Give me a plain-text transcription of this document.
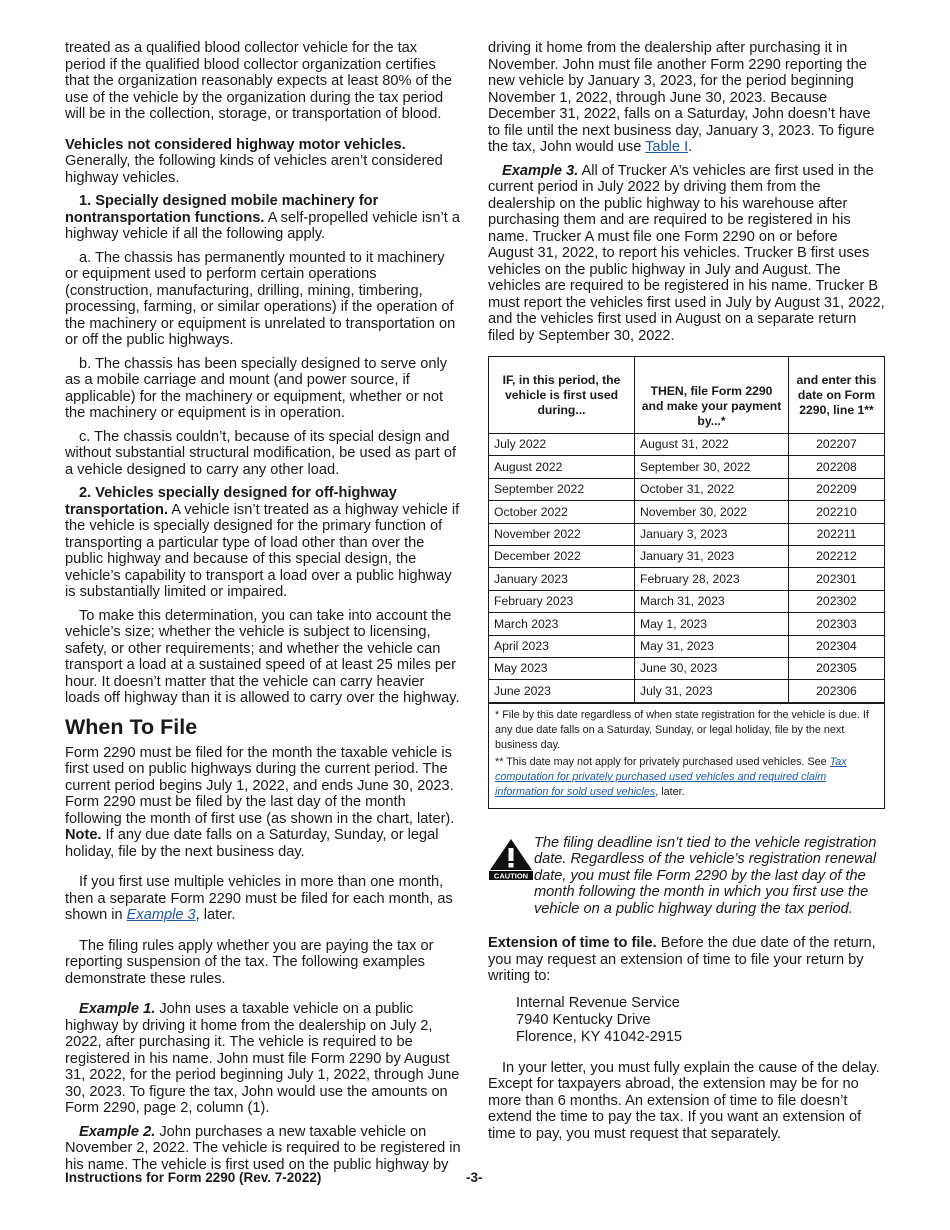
treated as a qualified blood collector vehicle for the tax period if the qualified blood collector organization certifies that the organization reasonably expects at least 80% of the use of the vehicle by the organization during the tax period will be in the collection, storage, or transportation of blood.

Vehicles not considered highway motor vehicles. Generally, the following kinds of vehicles aren’t considered highway vehicles.

1. Specially designed mobile machinery for nontransportation functions. A self-propelled vehicle isn’t a highway vehicle if all the following apply.

a. The chassis has permanently mounted to it machinery or equipment used to perform certain operations (construction, manufacturing, drilling, mining, timbering, processing, farming, or similar operations) if the operation of the machinery or equipment is unrelated to transportation on or off the public highways.

b. The chassis has been specially designed to serve only as a mobile carriage and mount (and power source, if applicable) for the machinery or equipment, whether or not the machinery or equipment is in operation.

c. The chassis couldn’t, because of its special design and without substantial structural modification, be used as part of a vehicle designed to carry any other load.

2. Vehicles specially designed for off-highway transportation. A vehicle isn’t treated as a highway vehicle if the vehicle is specially designed for the primary function of transporting a particular type of load other than over the public highway and because of this special design, the vehicle’s capability to transport a load over a public highway is substantially limited or impaired.

To make this determination, you can take into account the vehicle’s size; whether the vehicle is subject to licensing, safety, or other requirements; and whether the vehicle can transport a load at a sustained speed of at least 25 miles per hour. It doesn’t matter that the vehicle can carry heavier loads off highway than it is allowed to carry over the highway.

When To File

Form 2290 must be filed for the month the taxable vehicle is first used on public highways during the current period. The current period begins July 1, 2022, and ends June 30, 2023. Form 2290 must be filed by the last day of the month following the month of first use (as shown in the chart, later). Note. If any due date falls on a Saturday, Sunday, or legal holiday, file by the next business day.

If you first use multiple vehicles in more than one month, then a separate Form 2290 must be filed for each month, as shown in Example 3, later.

The filing rules apply whether you are paying the tax or reporting suspension of the tax. The following examples demonstrate these rules.

Example 1. John uses a taxable vehicle on a public highway by driving it home from the dealership on July 2, 2022, after purchasing it. The vehicle is required to be registered in his name. John must file Form 2290 by August 31, 2022, for the period beginning July 1, 2022, through June 30, 2023. To figure the tax, John would use the amounts on Form 2290, page 2, column (1).

Example 2. John purchases a new taxable vehicle on November 2, 2022. The vehicle is required to be registered in his name. The vehicle is first used on the public highway by

driving it home from the dealership after purchasing it in November. John must file another Form 2290 reporting the new vehicle by January 3, 2023, for the period beginning November 1, 2022, through June 30, 2023. Because December 31, 2022, falls on a Saturday, John doesn’t have to file until the next business day, January 3, 2023. To figure the tax, John would use Table I.

Example 3. All of Trucker A’s vehicles are first used in the current period in July 2022 by driving them from the dealership on the public highway to his warehouse after purchasing them and are required to be registered in his name. Trucker A must file one Form 2290 on or before August 31, 2022, to report his vehicles. Trucker B first uses vehicles on the public highway in July and August. The vehicles are required to be registered in his name. Trucker B must report the vehicles first used in July by August 31, 2022, and the vehicles first used in August on a separate return filed by September 30, 2022.

IF, in this period, the vehicle is first used during...	THEN, file Form 2290 and make your payment by...*	and enter this date on Form 2290, line 1**
July 2022	August 31, 2022	202207
August 2022	September 30, 2022	202208
September 2022	October 31, 2022	202209
October 2022	November 30, 2022	202210
November 2022	January 3, 2023	202211
December 2022	January 31, 2023	202212
January 2023	February 28, 2023	202301
February 2023	March 31, 2023	202302
March 2023	May 1, 2023	202303
April 2023	May 31, 2023	202304
May 2023	June 30, 2023	202305
June 2023	July 31, 2023	202306

* File by this date regardless of when state registration for the vehicle is due. If any due date falls on a Saturday, Sunday, or legal holiday, file by the next business day.

** This date may not apply for privately purchased used vehicles. See Tax computation for privately purchased used vehicles and required claim information for sold used vehicles, later.

CAUTION
The filing deadline isn’t tied to the vehicle registration date. Regardless of the vehicle’s registration renewal date, you must file Form 2290 by the last day of the month following the month in which you first use the vehicle on a public highway during the tax period.

Extension of time to file. Before the due date of the return, you may request an extension of time to file your return by writing to:

Internal Revenue Service
7940 Kentucky Drive
Florence, KY 41042-2915

In your letter, you must fully explain the cause of the delay. Except for taxpayers abroad, the extension may be for no more than 6 months. An extension of time to file doesn’t extend the time to pay the tax. If you want an extension of time to pay, you must request that separately.

Instructions for Form 2290 (Rev. 7-2022)	-3-
